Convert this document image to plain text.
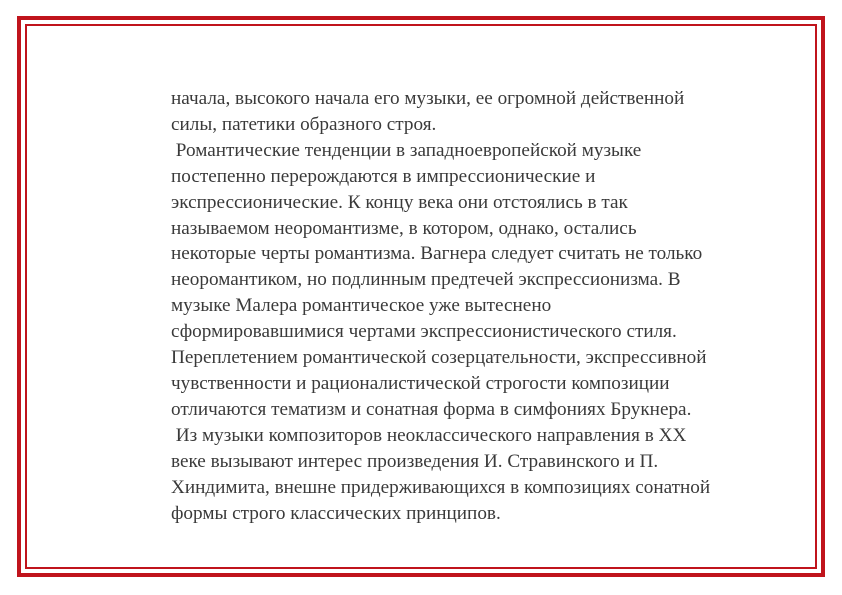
начала, высокого начала его музыки, ее огромной действенной
силы, патетики образного строя.
Романтические тенденции в западноевропейской музыке
постепенно перерождаются в импрессионические и
экспрессионические. К концу века они отстоялись в так
называемом неоромантизме, в котором, однако, остались
некоторые черты романтизма. Вагнера следует считать не только
неоромантиком, но подлинным предтечей экспрессионизма. В
музыке Малера романтическое уже вытеснено
сформировавшимися чертами экспрессионистического стиля.
Переплетением романтической созерцательности, экспрессивной
чувственности и рационалистической строгости композиции
отличаются тематизм и сонатная форма в симфониях Брукнера.
Из музыки композиторов неоклассического направления в XX
веке вызывают интерес произведения И. Стравинского и П.
Хиндимита, внешне придерживающихся в композициях сонатной
формы строго классических принципов.
